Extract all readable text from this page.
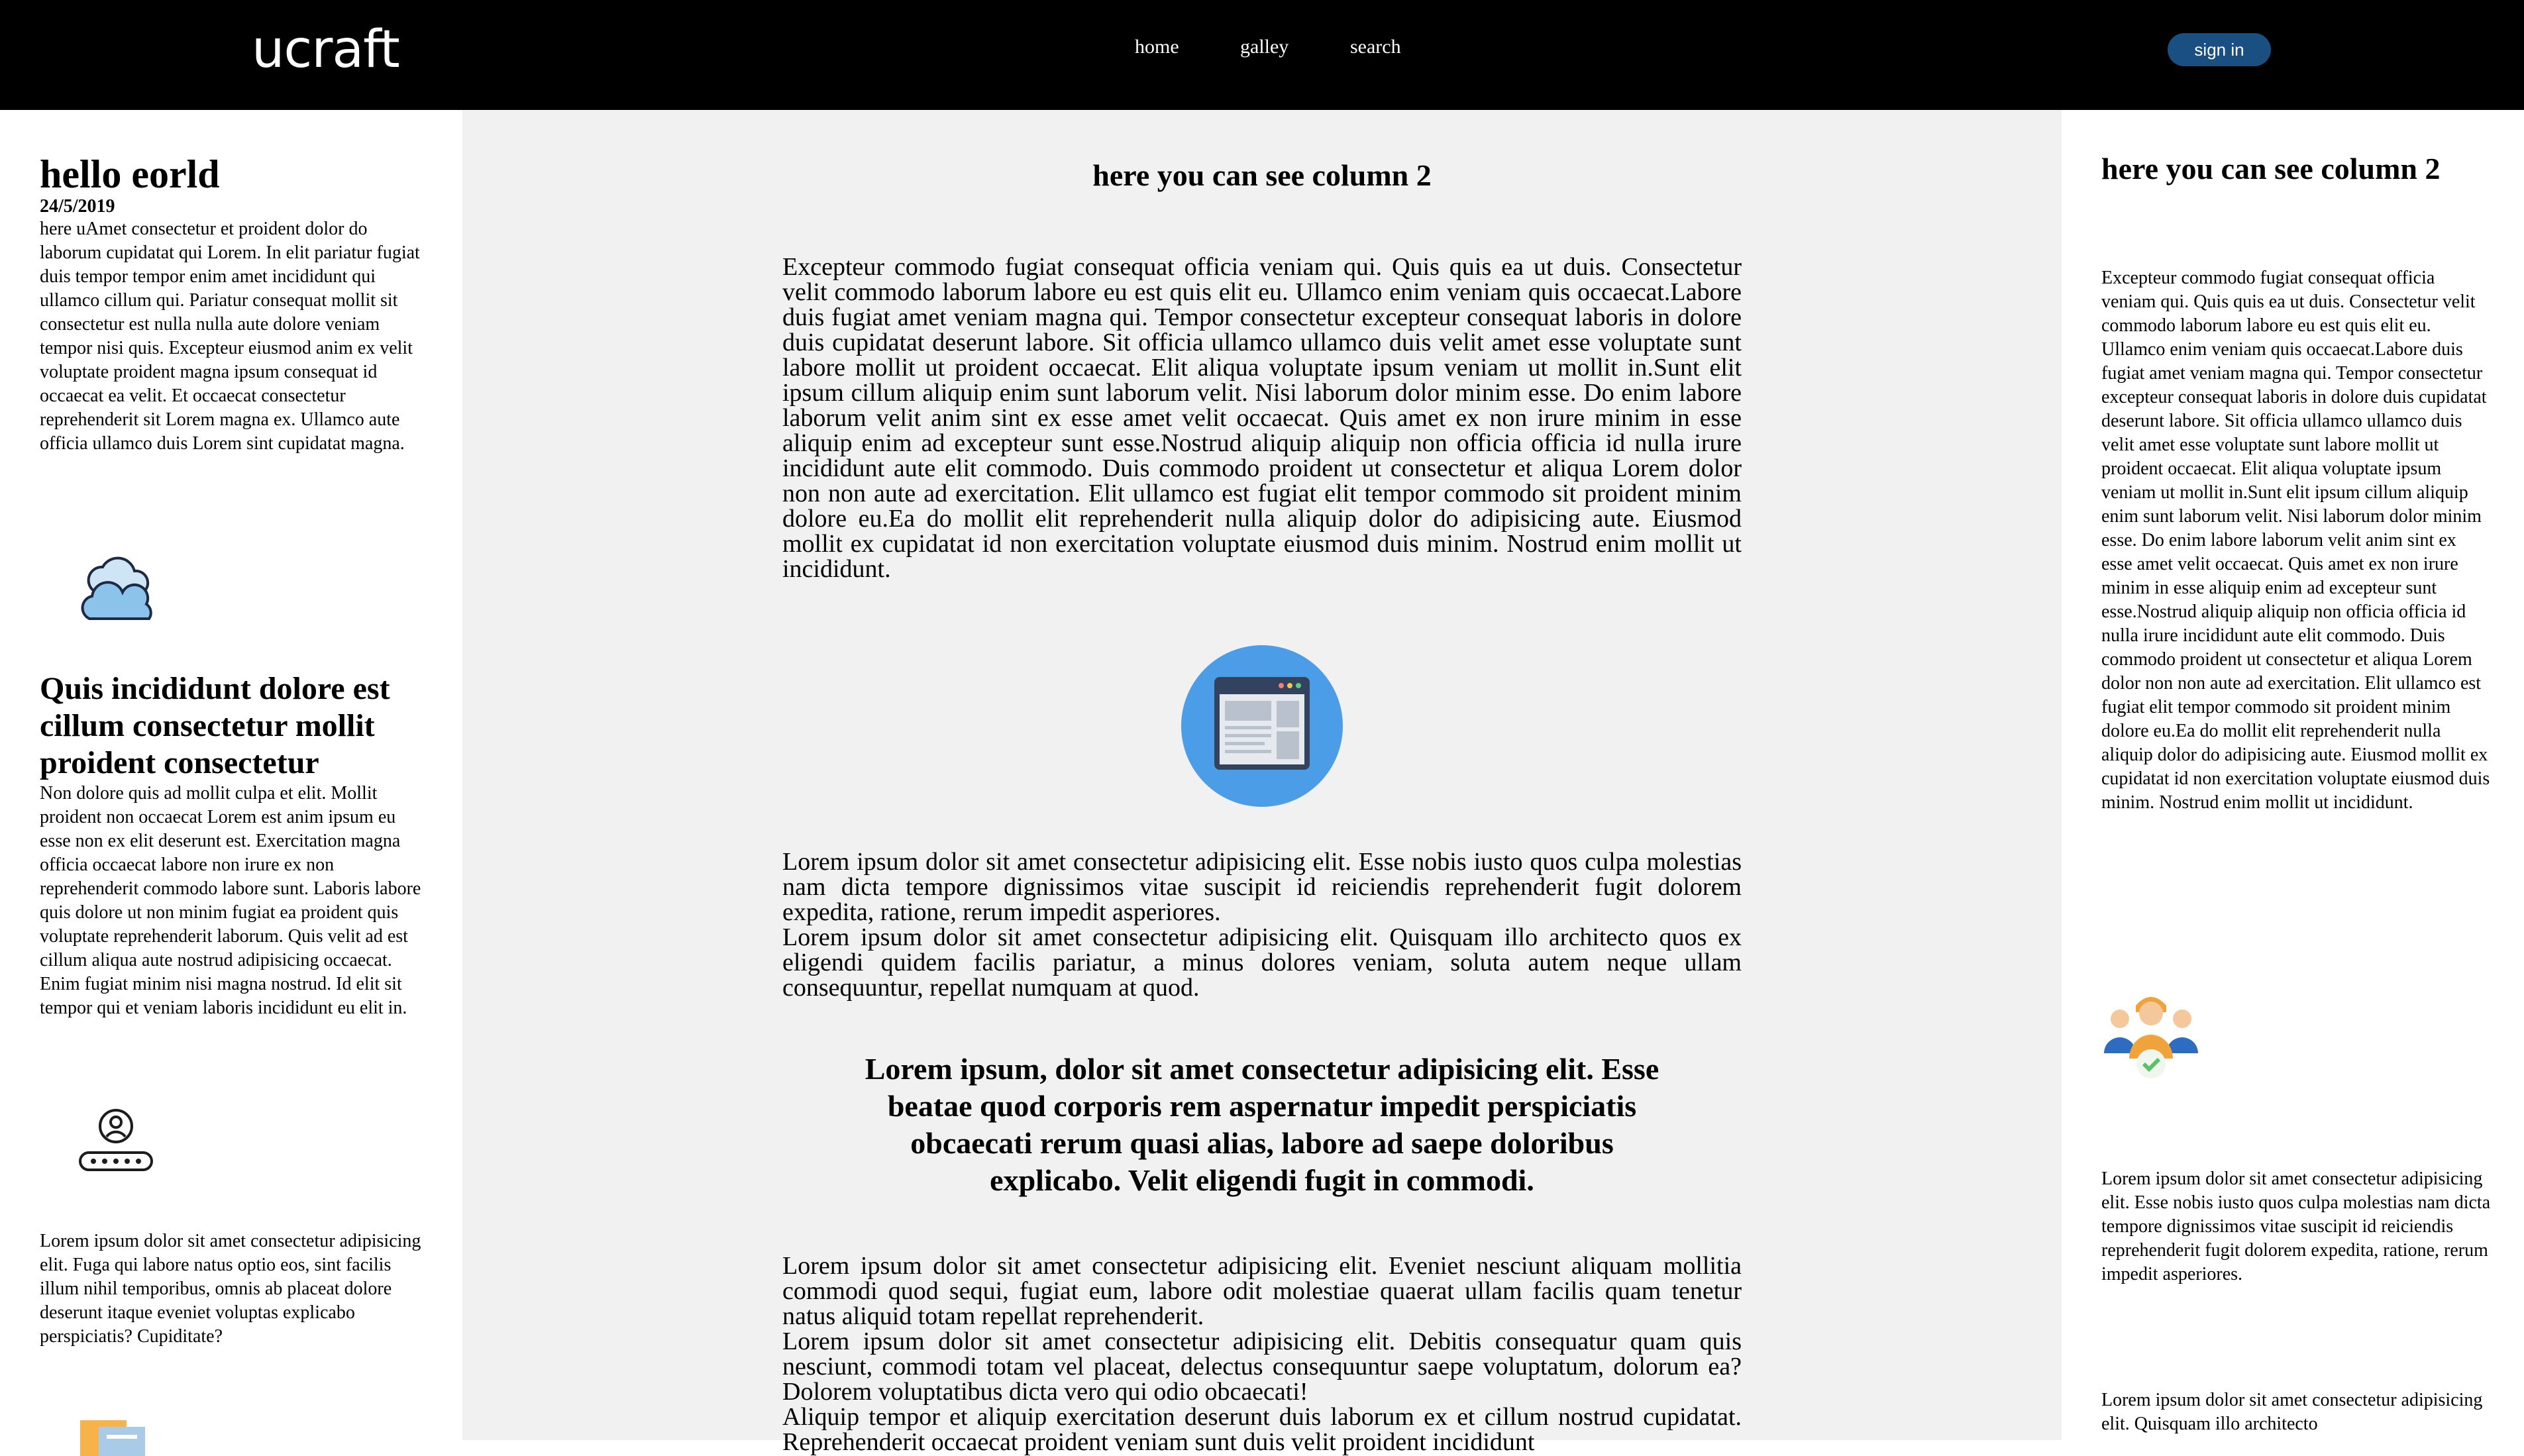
ucraft	home	galley	search	sign in
hello eorld
24/5/2019
here uAmet consectetur et proident dolor do laborum cupidatat qui Lorem. In elit pariatur fugiat duis tempor tempor enim amet incididunt qui ullamco cillum qui. Pariatur consequat mollit sit consectetur est nulla nulla aute dolore veniam tempor nisi quis. Excepteur eiusmod anim ex velit voluptate proident magna ipsum consequat id occaecat ea velit. Et occaecat consectetur reprehenderit sit Lorem magna ex. Ullamco aute officia ullamco duis Lorem sint cupidatat magna.
Quis incididunt dolore est cillum consectetur mollit proident consectetur
Non dolore quis ad mollit culpa et elit. Mollit proident non occaecat Lorem est anim ipsum eu esse non ex elit deserunt est. Exercitation magna officia occaecat labore non irure ex non reprehenderit commodo labore sunt. Laboris labore quis dolore ut non minim fugiat ea proident quis voluptate reprehenderit laborum. Quis velit ad est cillum aliqua aute nostrud adipisicing occaecat. Enim fugiat minim nisi magna nostrud. Id elit sit tempor qui et veniam laboris incididunt eu elit in.
Lorem ipsum dolor sit amet consectetur adipisicing elit. Fuga qui labore natus optio eos, sint facilis illum nihil temporibus, omnis ab placeat dolore deserunt itaque eveniet voluptas explicabo perspiciatis? Cupiditate?
here you can see column 2
Excepteur commodo fugiat consequat officia veniam qui. Quis quis ea ut duis. Consectetur velit commodo laborum labore eu est quis elit eu. Ullamco enim veniam quis occaecat.Labore duis fugiat amet veniam magna qui. Tempor consectetur excepteur consequat laboris in dolore duis cupidatat deserunt labore. Sit officia ullamco ullamco duis velit amet esse voluptate sunt labore mollit ut proident occaecat. Elit aliqua voluptate ipsum veniam ut mollit in.Sunt elit ipsum cillum aliquip enim sunt laborum velit. Nisi laborum dolor minim esse. Do enim labore laborum velit anim sint ex esse amet velit occaecat. Quis amet ex non irure minim in esse aliquip enim ad excepteur sunt esse.Nostrud aliquip aliquip non officia officia id nulla irure incididunt aute elit commodo. Duis commodo proident ut consectetur et aliqua Lorem dolor non non aute ad exercitation. Elit ullamco est fugiat elit tempor commodo sit proident minim dolore eu.Ea do mollit elit reprehenderit nulla aliquip dolor do adipisicing aute. Eiusmod mollit ex cupidatat id non exercitation voluptate eiusmod duis minim. Nostrud enim mollit ut incididunt.
Lorem ipsum dolor sit amet consectetur adipisicing elit. Esse nobis iusto quos culpa molestias nam dicta tempore dignissimos vitae suscipit id reiciendis reprehenderit fugit dolorem expedita, ratione, rerum impedit asperiores.
Lorem ipsum dolor sit amet consectetur adipisicing elit. Quisquam illo architecto quos ex eligendi quidem facilis pariatur, a minus dolores veniam, soluta autem neque ullam consequuntur, repellat numquam at quod.
Lorem ipsum, dolor sit amet consectetur adipisicing elit. Esse beatae quod corporis rem aspernatur impedit perspiciatis obcaecati rerum quasi alias, labore ad saepe doloribus explicabo. Velit eligendi fugit in commodi.
Lorem ipsum dolor sit amet consectetur adipisicing elit. Eveniet nesciunt aliquam mollitia commodi quod sequi, fugiat eum, labore odit molestiae quaerat ullam facilis quam tenetur natus aliquid totam repellat reprehenderit.
Lorem ipsum dolor sit amet consectetur adipisicing elit. Debitis consequatur quam quis nesciunt, commodi totam vel placeat, delectus consequuntur saepe voluptatum, dolorum ea? Dolorem voluptatibus dicta vero qui odio obcaecati!
Aliquip tempor et aliquip exercitation deserunt duis laborum ex et cillum nostrud cupidatat. Reprehenderit occaecat proident veniam sunt duis velit proident incididunt
here you can see column 2
Excepteur commodo fugiat consequat officia veniam qui. Quis quis ea ut duis. Consectetur velit commodo laborum labore eu est quis elit eu. Ullamco enim veniam quis occaecat.Labore duis fugiat amet veniam magna qui. Tempor consectetur excepteur consequat laboris in dolore duis cupidatat deserunt labore. Sit officia ullamco ullamco duis velit amet esse voluptate sunt labore mollit ut proident occaecat. Elit aliqua voluptate ipsum veniam ut mollit in.Sunt elit ipsum cillum aliquip enim sunt laborum velit. Nisi laborum dolor minim esse. Do enim labore laborum velit anim sint ex esse amet velit occaecat. Quis amet ex non irure minim in esse aliquip enim ad excepteur sunt esse.Nostrud aliquip aliquip non officia officia id nulla irure incididunt aute elit commodo. Duis commodo proident ut consectetur et aliqua Lorem dolor non non aute ad exercitation. Elit ullamco est fugiat elit tempor commodo sit proident minim dolore eu.Ea do mollit elit reprehenderit nulla aliquip dolor do adipisicing aute. Eiusmod mollit ex cupidatat id non exercitation voluptate eiusmod duis minim. Nostrud enim mollit ut incididunt.
Lorem ipsum dolor sit amet consectetur adipisicing elit. Esse nobis iusto quos culpa molestias nam dicta tempore dignissimos vitae suscipit id reiciendis reprehenderit fugit dolorem expedita, ratione, rerum impedit asperiores.
Lorem ipsum dolor sit amet consectetur adipisicing elit. Quisquam illo architecto
